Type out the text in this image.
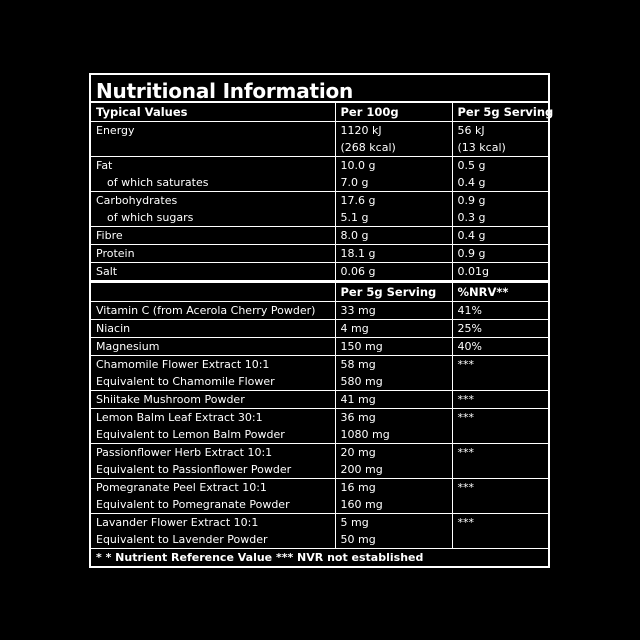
Nutritional Information
Typical Values	Per 100g	Per 5g Serving
Energy	1120 kJ	56 kJ
	(268 kcal)	(13 kcal)
Fat	10.0 g	0.5 g
of which saturates	7.0 g	0.4 g
Carbohydrates	17.6 g	0.9 g
of which sugars	5.1 g	0.3 g
Fibre	8.0 g	0.4 g
Protein	18.1 g	0.9 g
Salt	0.06 g	0.01g
	Per 5g Serving	%NRV**
Vitamin C (from Acerola Cherry Powder)	33 mg	41%
Niacin	4 mg	25%
Magnesium	150 mg	40%
Chamomile Flower Extract 10:1	58 mg	***
Equivalent to Chamomile Flower	580 mg	
Shiitake Mushroom Powder	41 mg	***
Lemon Balm Leaf Extract 30:1	36 mg	***
Equivalent to Lemon Balm Powder	1080 mg	
Passionflower Herb Extract 10:1	20 mg	***
Equivalent to Passionflower Powder	200 mg	
Pomegranate Peel Extract 10:1	16 mg	***
Equivalent to Pomegranate Powder	160 mg	
Lavander Flower Extract 10:1	5 mg	***
Equivalent to Lavender Powder	50 mg	
* * Nutrient Reference Value *** NVR not established
